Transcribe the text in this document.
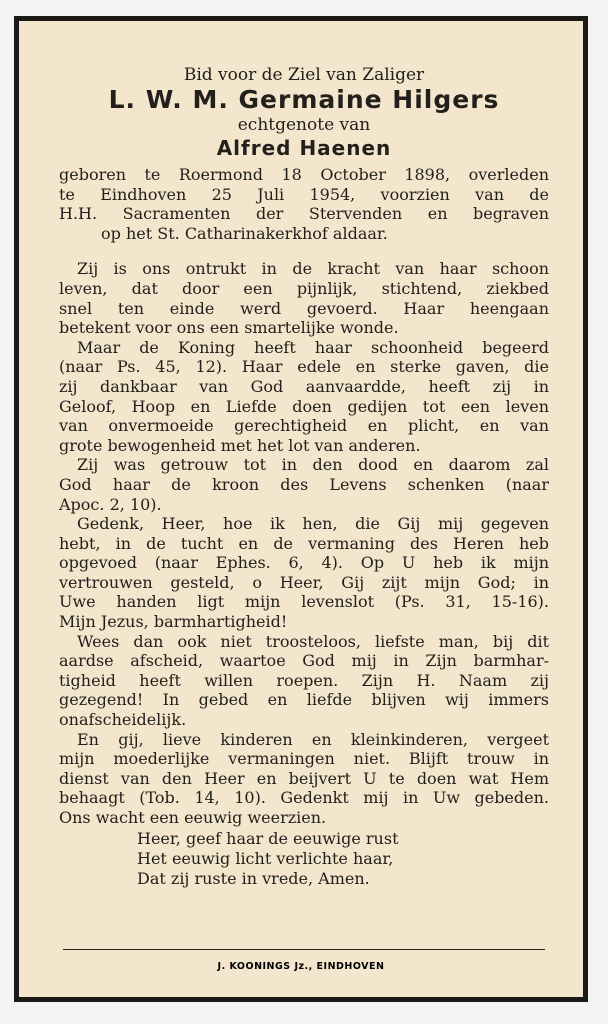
Bid voor de Ziel van Zaliger
L. W. M. Germaine Hilgers
echtgenote van
Alfred Haenen
geboren te Roermond 18 October 1898, overleden
te Eindhoven 25 Juli 1954, voorzien van de
H.H. Sacramenten der Stervenden en begraven
op het St. Catharinakerkhof aldaar.
Zij is ons ontrukt in de kracht van haar schoon
leven, dat door een pijnlijk, stichtend, ziekbed
snel ten einde werd gevoerd. Haar heengaan
betekent voor ons een smartelijke wonde.
Maar de Koning heeft haar schoonheid begeerd
(naar Ps. 45, 12). Haar edele en sterke gaven, die
zij dankbaar van God aanvaardde, heeft zij in
Geloof, Hoop en Liefde doen gedijen tot een leven
van onvermoeide gerechtigheid en plicht, en van
grote bewogenheid met het lot van anderen.
Zij was getrouw tot in den dood en daarom zal
God haar de kroon des Levens schenken (naar
Apoc. 2, 10).
Gedenk, Heer, hoe ik hen, die Gij mij gegeven
hebt, in de tucht en de vermaning des Heren heb
opgevoed (naar Ephes. 6, 4). Op U heb ik mijn
vertrouwen gesteld, o Heer, Gij zijt mijn God; in
Uwe handen ligt mijn levenslot (Ps. 31, 15-16).
Mijn Jezus, barmhartigheid!
Wees dan ook niet troosteloos, liefste man, bij dit
aardse afscheid, waartoe God mij in Zijn barmhar-
tigheid heeft willen roepen. Zijn H. Naam zij
gezegend! In gebed en liefde blijven wij immers
onafscheidelijk.
En gij, lieve kinderen en kleinkinderen, vergeet
mijn moederlijke vermaningen niet. Blijft trouw in
dienst van den Heer en beijvert U te doen wat Hem
behaagt (Tob. 14, 10). Gedenkt mij in Uw gebeden.
Ons wacht een eeuwig weerzien.
Heer, geef haar de eeuwige rust
Het eeuwig licht verlichte haar,
Dat zij ruste in vrede, Amen.
J. KOONINGS Jz., EINDHOVEN
